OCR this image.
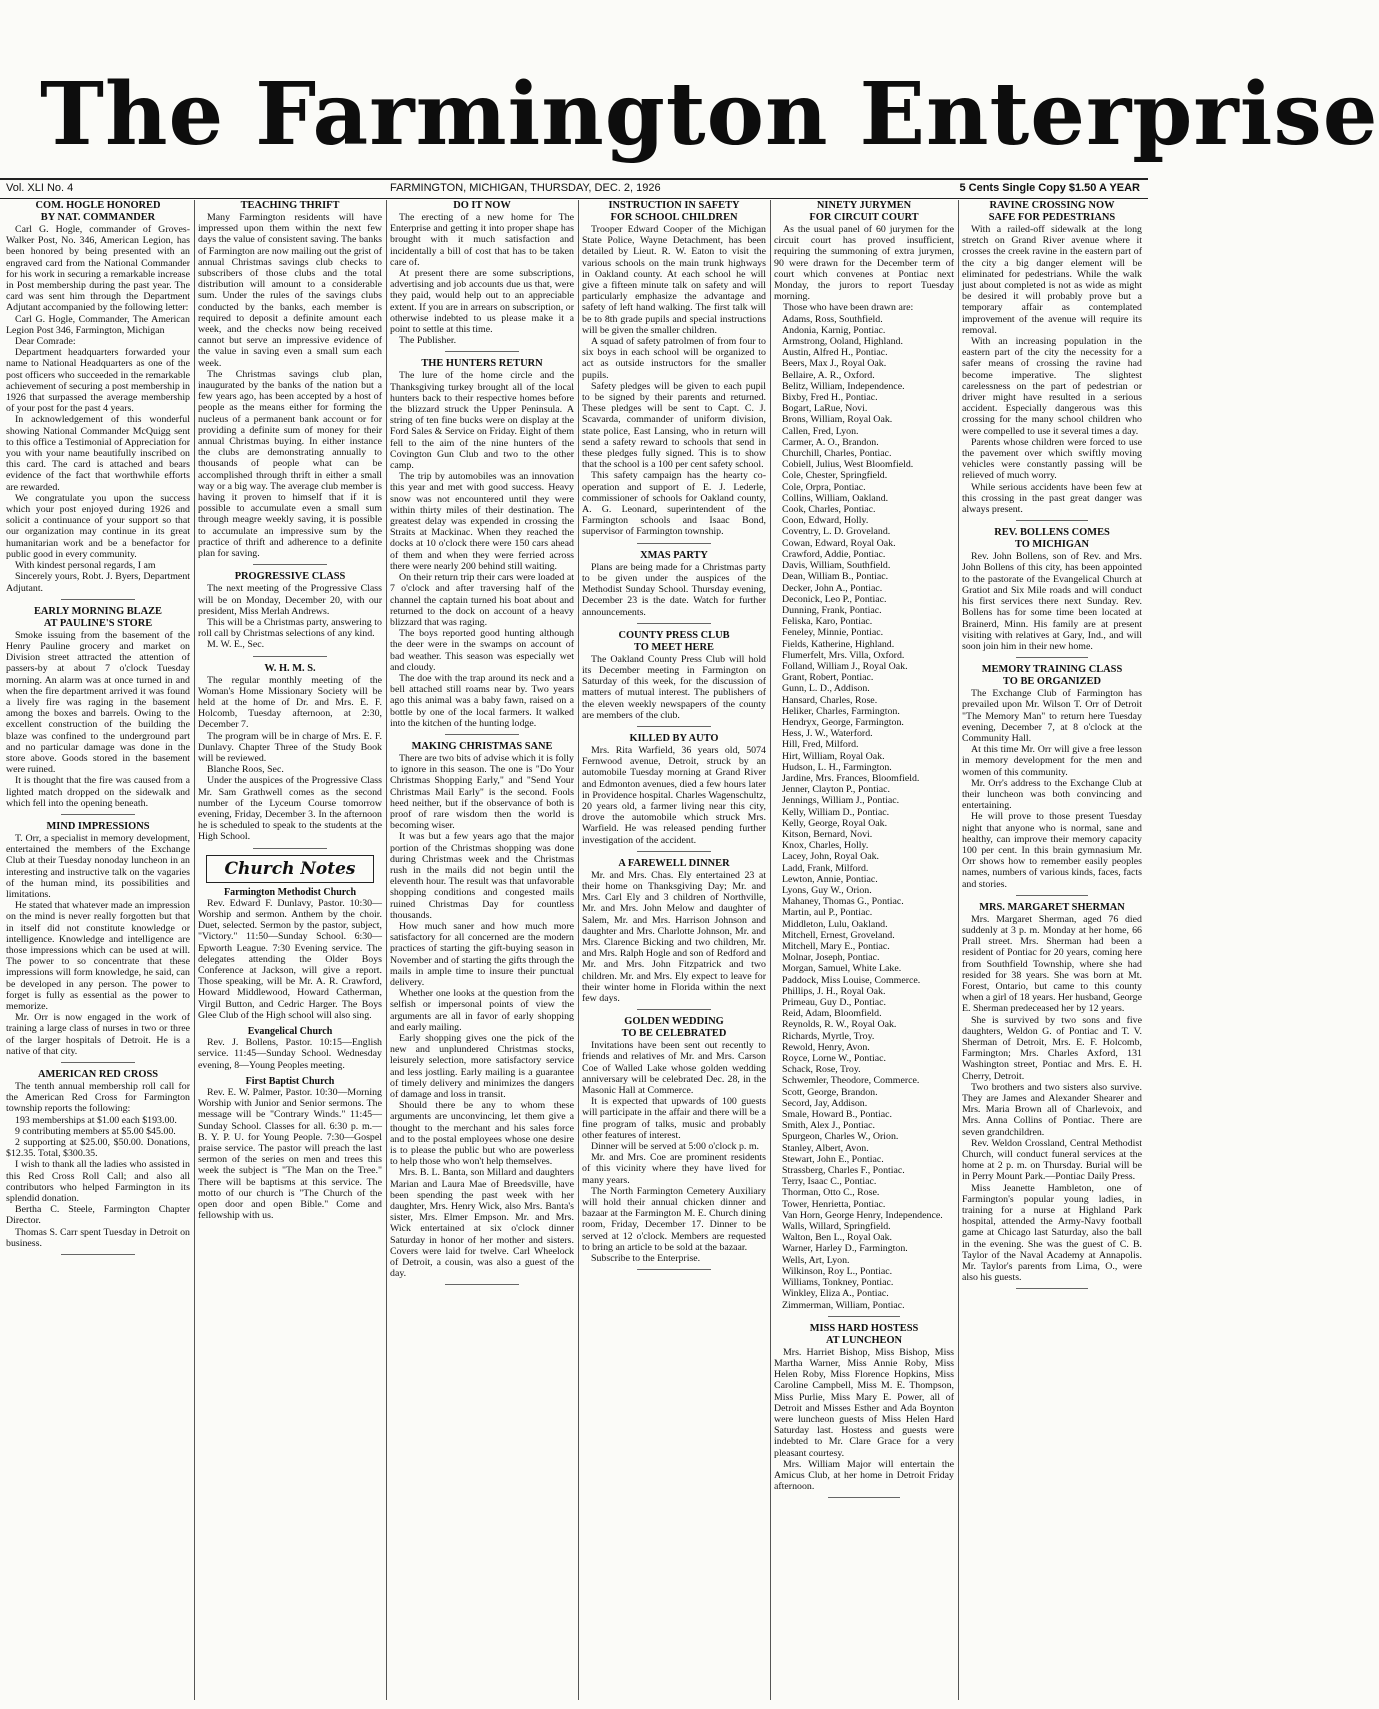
The Farmington Enterprise
Vol. XLI No. 4	FARMINGTON, MICHIGAN, THURSDAY, DEC. 2, 1926	5 Cents Single Copy $1.50 A YEAR
COM. HOGLE HONORED
BY NAT. COMMANDER

Carl G. Hogle, commander of Groves-Walker Post, No. 346, American Legion, has been honored by being presented with an engraved card from the National Commander for his work in securing a remarkable increase in Post membership during the past year. The card was sent him through the Department Adjutant accompanied by the following letter:

Carl G. Hogle, Commander, The American Legion Post 346, Farmington, Michigan

Dear Comrade:

Department headquarters forwarded your name to National Headquarters as one of the post officers who succeeded in the remarkable achievement of securing a post membership in 1926 that surpassed the average membership of your post for the past 4 years.

In acknowledgement of this wonderful showing National Commander McQuigg sent to this office a Testimonial of Appreciation for you with your name beautifully inscribed on this card. The card is attached and bears evidence of the fact that worthwhile efforts are rewarded.

We congratulate you upon the success which your post enjoyed during 1926 and solicit a continuance of your support so that our organization may continue in its great humanitarian work and be a benefactor for public good in every community.

With kindest personal regards, I am

Sincerely yours, Robt. J. Byers, Department Adjutant.

EARLY MORNING BLAZE
AT PAULINE'S STORE

Smoke issuing from the basement of the Henry Pauline grocery and market on Division street attracted the attention of passers-by at about 7 o'clock Tuesday morning. An alarm was at once turned in and when the fire department arrived it was found a lively fire was raging in the basement among the boxes and barrels. Owing to the excellent construction of the building the blaze was confined to the underground part and no particular damage was done in the store above. Goods stored in the basement were ruined.

It is thought that the fire was caused from a lighted match dropped on the sidewalk and which fell into the opening beneath.

MIND IMPRESSIONS

T. Orr, a specialist in memory development, entertained the members of the Exchange Club at their Tuesday nonoday luncheon in an interesting and instructive talk on the vagaries of the human mind, its possibilities and limitations.

He stated that whatever made an impression on the mind is never really forgotten but that in itself did not constitute knowledge or intelligence. Knowledge and intelligence are those impressions which can be used at will. The power to so concentrate that these impressions will form knowledge, he said, can be developed in any person. The power to forget is fully as essential as the power to memorize.

Mr. Orr is now engaged in the work of training a large class of nurses in two or three of the larger hospitals of Detroit. He is a native of that city.

AMERICAN RED CROSS

The tenth annual membership roll call for the American Red Cross for Farmington township reports the following:

193 memberships at $1.00 each $193.00.

9 contributing members at $5.00 $45.00.

2 supporting at $25.00, $50.00. Donations, $12.35. Total, $300.35.

I wish to thank all the ladies who assisted in this Red Cross Roll Call; and also all contributors who helped Farmington in its splendid donation.

Bertha C. Steele, Farmington Chapter Director.

Thomas S. Carr spent Tuesday in Detroit on business.

TEACHING THRIFT

Many Farmington residents will have impressed upon them within the next few days the value of consistent saving. The banks of Farmington are now mailing out the grist of annual Christmas savings club checks to subscribers of those clubs and the total distribution will amount to a considerable sum. Under the rules of the savings clubs conducted by the banks, each member is required to deposit a definite amount each week, and the checks now being received cannot but serve an impressive evidence of the value in saving even a small sum each week.

The Christmas savings club plan, inaugurated by the banks of the nation but a few years ago, has been accepted by a host of people as the means either for forming the nucleus of a permanent bank account or for providing a definite sum of money for their annual Christmas buying. In either instance the clubs are demonstrating annually to thousands of people what can be accomplished through thrift in either a small way or a big way. The average club member is having it proven to himself that if it is possible to accumulate even a small sum through meagre weekly saving, it is possible to accumulate an impressive sum by the practice of thrift and adherence to a definite plan for saving.

PROGRESSIVE CLASS

The next meeting of the Progressive Class will be on Monday, December 20, with our president, Miss Merlah Andrews.

This will be a Christmas party, answering to roll call by Christmas selections of any kind.

M. W. E., Sec.

W. H. M. S.

The regular monthly meeting of the Woman's Home Missionary Society will be held at the home of Dr. and Mrs. E. F. Holcomb, Tuesday afternoon, at 2:30, December 7.

The program will be in charge of Mrs. E. F. Dunlavy. Chapter Three of the Study Book will be reviewed.

Blanche Roos, Sec.

Under the auspices of the Progressive Class Mr. Sam Grathwell comes as the second number of the Lyceum Course tomorrow evening, Friday, December 3. In the afternoon he is scheduled to speak to the students at the High School.

Church Notes
Farmington Methodist Church

Rev. Edward F. Dunlavy, Pastor. 10:30—Worship and sermon. Anthem by the choir. Duet, selected. Sermon by the pastor, subject, "Victory." 11:50—Sunday School. 6:30—Epworth League. 7:30 Evening service. The delegates attending the Older Boys Conference at Jackson, will give a report. Those speaking, will be Mr. A. R. Crawford, Howard Middlewood, Howard Catherman, Virgil Button, and Cedric Harger. The Boys Glee Club of the High school will also sing.

Evangelical Church

Rev. J. Bollens, Pastor. 10:15—English service. 11:45—Sunday School. Wednesday evening, 8—Young Peoples meeting.

First Baptist Church

Rev. E. W. Palmer, Pastor. 10:30—Morning Worship with Junior and Senior sermons. The message will be "Contrary Winds." 11:45—Sunday School. Classes for all. 6:30 p. m.—B. Y. P. U. for Young People. 7:30—Gospel praise service. The pastor will preach the last sermon of the series on men and trees this week the subject is "The Man on the Tree." There will be baptisms at this service. The motto of our church is "The Church of the open door and open Bible." Come and fellowship with us.

DO IT NOW

The erecting of a new home for The Enterprise and getting it into proper shape has brought with it much satisfaction and incidentally a bill of cost that has to be taken care of.

At present there are some subscriptions, advertising and job accounts due us that, were they paid, would help out to an appreciable extent. If you are in arrears on subscription, or otherwise indebted to us please make it a point to settle at this time.

The Publisher.

THE HUNTERS RETURN

The lure of the home circle and the Thanksgiving turkey brought all of the local hunters back to their respective homes before the blizzard struck the Upper Peninsula. A string of ten fine bucks were on display at the Ford Sales & Service on Friday. Eight of them fell to the aim of the nine hunters of the Covington Gun Club and two to the other camp.

The trip by automobiles was an innovation this year and met with good success. Heavy snow was not encountered until they were within thirty miles of their destination. The greatest delay was expended in crossing the Straits at Mackinac. When they reached the docks at 10 o'clock there were 150 cars ahead of them and when they were ferried across there were nearly 200 behind still waiting.

On their return trip their cars were loaded at 7 o'clock and after traversing half of the channel the captain turned his boat about and returned to the dock on account of a heavy blizzard that was raging.

The boys reported good hunting although the deer were in the swamps on account of bad weather. This season was especially wet and cloudy.

The doe with the trap around its neck and a bell attached still roams near by. Two years ago this animal was a baby fawn, raised on a bottle by one of the local farmers. It walked into the kitchen of the hunting lodge.

MAKING CHRISTMAS SANE

There are two bits of advise which it is folly to ignore in this season. The one is "Do Your Christmas Shopping Early," and "Send Your Christmas Mail Early" is the second. Fools heed neither, but if the observance of both is proof of rare wisdom then the world is becoming wiser.

It was but a few years ago that the major portion of the Christmas shopping was done during Christmas week and the Christmas rush in the mails did not begin until the eleventh hour. The result was that unfavorable shopping conditions and congested mails ruined Christmas Day for countless thousands.

How much saner and how much more satisfactory for all concerned are the modern practices of starting the gift-buying season in November and of starting the gifts through the mails in ample time to insure their punctual delivery.

Whether one looks at the question from the selfish or impersonal points of view the arguments are all in favor of early shopping and early mailing.

Early shopping gives one the pick of the new and unplundered Christmas stocks, leisurely selection, more satisfactory service and less jostling. Early mailing is a guarantee of timely delivery and minimizes the dangers of damage and loss in transit.

Should there be any to whom these arguments are unconvincing, let them give a thought to the merchant and his sales force and to the postal employees whose one desire is to please the public but who are powerless to help those who won't help themselves.

Mrs. B. L. Banta, son Millard and daughters Marian and Laura Mae of Breedsville, have been spending the past week with her daughter, Mrs. Henry Wick, also Mrs. Banta's sister, Mrs. Elmer Empson. Mr. and Mrs. Wick entertained at six o'clock dinner Saturday in honor of her mother and sisters. Covers were laid for twelve. Carl Wheelock of Detroit, a cousin, was also a guest of the day.

INSTRUCTION IN SAFETY
FOR SCHOOL CHILDREN

Trooper Edward Cooper of the Michigan State Police, Wayne Detachment, has been detailed by Lieut. R. W. Eaton to visit the various schools on the main trunk highways in Oakland county. At each school he will give a fifteen minute talk on safety and will particularly emphasize the advantage and safety of left hand walking. The first talk will be to 8th grade pupils and special instructions will be given the smaller children.

A squad of safety patrolmen of from four to six boys in each school will be organized to act as outside instructors for the smaller pupils.

Safety pledges will be given to each pupil to be signed by their parents and returned. These pledges will be sent to Capt. C. J. Scavarda, commander of uniform division, state police, East Lansing, who in return will send a safety reward to schools that send in these pledges fully signed. This is to show that the school is a 100 per cent safety school.

This safety campaign has the hearty co-operation and support of E. J. Lederle, commissioner of schools for Oakland county, A. G. Leonard, superintendent of the Farmington schools and Isaac Bond, supervisor of Farmington township.

XMAS PARTY

Plans are being made for a Christmas party to be given under the auspices of the Methodist Sunday School. Thursday evening, December 23 is the date. Watch for further announcements.

COUNTY PRESS CLUB
TO MEET HERE

The Oakland County Press Club will hold its December meeting in Farmington on Saturday of this week, for the discussion of matters of mutual interest. The publishers of the eleven weekly newspapers of the county are members of the club.

KILLED BY AUTO

Mrs. Rita Warfield, 36 years old, 5074 Fernwood avenue, Detroit, struck by an automobile Tuesday morning at Grand River and Edmonton avenues, died a few hours later in Providence hospital. Charles Wagenschultz, 20 years old, a farmer living near this city, drove the automobile which struck Mrs. Warfield. He was released pending further investigation of the accident.

A FAREWELL DINNER

Mr. and Mrs. Chas. Ely entertained 23 at their home on Thanksgiving Day; Mr. and Mrs. Carl Ely and 3 children of Northville, Mr. and Mrs. John Melow and daughter of Salem, Mr. and Mrs. Harrison Johnson and daughter and Mrs. Charlotte Johnson, Mr. and Mrs. Clarence Bicking and two children, Mr. and Mrs. Ralph Hogle and son of Redford and Mr. and Mrs. John Fitzpatrick and two children. Mr. and Mrs. Ely expect to leave for their winter home in Florida within the next few days.

GOLDEN WEDDING
TO BE CELEBRATED

Invitations have been sent out recently to friends and relatives of Mr. and Mrs. Carson Coe of Walled Lake whose golden wedding anniversary will be celebrated Dec. 28, in the Masonic Hall at Commerce.

It is expected that upwards of 100 guests will participate in the affair and there will be a fine program of talks, music and probably other features of interest.

Dinner will be served at 5:00 o'clock p. m.

Mr. and Mrs. Coe are prominent residents of this vicinity where they have lived for many years.

The North Farmington Cemetery Auxiliary will hold their annual chicken dinner and bazaar at the Farmington M. E. Church dining room, Friday, December 17. Dinner to be served at 12 o'clock. Members are requested to bring an article to be sold at the bazaar.

Subscribe to the Enterprise.

NINETY JURYMEN
FOR CIRCUIT COURT

As the usual panel of 60 jurymen for the circuit court has proved insufficient, requiring the summoning of extra jurymen, 90 were drawn for the December term of court which convenes at Pontiac next Monday, the jurors to report Tuesday morning.

Those who have been drawn are:

Adams, Ross, Southfield.

Andonia, Karnig, Pontiac.

Armstrong, Ooland, Highland.

Austin, Alfred H., Pontiac.

Beers, Max J., Royal Oak.

Bellaire, A. R., Oxford.

Belitz, William, Independence.

Bixby, Fred H., Pontiac.

Bogart, LaRue, Novi.

Brons, William, Royal Oak.

Callen, Fred, Lyon.

Carmer, A. O., Brandon.

Churchill, Charles, Pontiac.

Cobiell, Julius, West Bloomfield.

Cole, Chester, Springfield.

Cole, Orpra, Pontiac.

Collins, William, Oakland.

Cook, Charles, Pontiac.

Coon, Edward, Holly.

Coventry, L. D. Groveland.

Cowan, Edward, Royal Oak.

Crawford, Addie, Pontiac.

Davis, William, Southfield.

Dean, William B., Pontiac.

Decker, John A., Pontiac.

Deconick, Leo P., Pontiac.

Dunning, Frank, Pontiac.

Feliska, Karo, Pontiac.

Feneley, Minnie, Pontiac.

Fields, Katherine, Highland.

Flumerfelt, Mrs. Villa, Oxford.

Folland, William J., Royal Oak.

Grant, Robert, Pontiac.

Gunn, L. D., Addison.

Hansard, Charles, Rose.

Heliker, Charles, Farmington.

Hendryx, George, Farmington.

Hess, J. W., Waterford.

Hill, Fred, Milford.

Hirt, William, Royal Oak.

Hudson, L. H., Farmington.

Jardine, Mrs. Frances, Bloomfield.

Jenner, Clayton P., Pontiac.

Jennings, William J., Pontiac.

Kelly, William D., Pontiac.

Kelly, George, Royal Oak.

Kitson, Bernard, Novi.

Knox, Charles, Holly.

Lacey, John, Royal Oak.

Ladd, Frank, Milford.

Lewton, Annie, Pontiac.

Lyons, Guy W., Orion.

Mahaney, Thomas G., Pontiac.

Martin, aul P., Pontiac.

Middleton, Lulu, Oakland.

Mitchell, Ernest, Groveland.

Mitchell, Mary E., Pontiac.

Molnar, Joseph, Pontiac.

Morgan, Samuel, White Lake.

Paddock, Miss Louise, Commerce.

Phillips, J. H., Royal Oak.

Primeau, Guy D., Pontiac.

Reid, Adam, Bloomfield.

Reynolds, R. W., Royal Oak.

Richards, Myrtle, Troy.

Rewold, Henry, Avon.

Royce, Lorne W., Pontiac.

Schack, Rose, Troy.

Schwemler, Theodore, Commerce.

Scott, George, Brandon.

Secord, Jay, Addison.

Smale, Howard B., Pontiac.

Smith, Alex J., Pontiac.

Spurgeon, Charles W., Orion.

Stanley, Albert, Avon.

Stewart, John E., Pontiac.

Strassberg, Charles F., Pontiac.

Terry, Isaac C., Pontiac.

Thorman, Otto C., Rose.

Tower, Henrietta, Pontiac.

Van Horn, George Henry, Independence.

Walls, Willard, Springfield.

Walton, Ben L., Royal Oak.

Warner, Harley D., Farmington.

Wells, Art, Lyon.

Wilkinson, Roy L., Pontiac.

Williams, Tonkney, Pontiac.

Winkley, Eliza A., Pontiac.

Zimmerman, William, Pontiac.

MISS HARD HOSTESS
AT LUNCHEON

Mrs. Harriet Bishop, Miss Bishop, Miss Martha Warner, Miss Annie Roby, Miss Helen Roby, Miss Florence Hopkins, Miss Caroline Campbell, Miss M. E. Thompson, Miss Purlie, Miss Mary E. Power, all of Detroit and Misses Esther and Ada Boynton were luncheon guests of Miss Helen Hard Saturday last. Hostess and guests were indebted to Mr. Clare Grace for a very pleasant courtesy.

Mrs. William Major will entertain the Amicus Club, at her home in Detroit Friday afternoon.

RAVINE CROSSING NOW
SAFE FOR PEDESTRIANS

With a railed-off sidewalk at the long stretch on Grand River avenue where it crosses the creek ravine in the eastern part of the city a big danger element will be eliminated for pedestrians. While the walk just about completed is not as wide as might be desired it will probably prove but a temporary affair as contemplated improvement of the avenue will require its removal.

With an increasing population in the eastern part of the city the necessity for a safer means of crossing the ravine had become imperative. The slightest carelessness on the part of pedestrian or driver might have resulted in a serious accident. Especially dangerous was this crossing for the many school children who were compelled to use it several times a day.

Parents whose children were forced to use the pavement over which swiftly moving vehicles were constantly passing will be relieved of much worry.

While serious accidents have been few at this crossing in the past great danger was always present.

REV. BOLLENS COMES
TO MICHIGAN

Rev. John Bollens, son of Rev. and Mrs. John Bollens of this city, has been appointed to the pastorate of the Evangelical Church at Gratiot and Six Mile roads and will conduct his first services there next Sunday. Rev. Bollens has for some time been located at Brainerd, Minn. His family are at present visiting with relatives at Gary, Ind., and will soon join him in their new home.

MEMORY TRAINING CLASS
TO BE ORGANIZED

The Exchange Club of Farmington has prevailed upon Mr. Wilson T. Orr of Detroit "The Memory Man" to return here Tuesday evening, December 7, at 8 o'clock at the Community Hall.

At this time Mr. Orr will give a free lesson in memory development for the men and women of this community.

Mr. Orr's address to the Exchange Club at their luncheon was both convincing and entertaining.

He will prove to those present Tuesday night that anyone who is normal, sane and healthy, can improve their memory capacity 100 per cent. In this brain gymnasium Mr. Orr shows how to remember easily peoples names, numbers of various kinds, faces, facts and stories.

MRS. MARGARET SHERMAN

Mrs. Margaret Sherman, aged 76 died suddenly at 3 p. m. Monday at her home, 66 Prall street. Mrs. Sherman had been a resident of Pontiac for 20 years, coming here from Southfield Township, where she had resided for 38 years. She was born at Mt. Forest, Ontario, but came to this county when a girl of 18 years. Her husband, George E. Sherman predeceased her by 12 years.

She is survived by two sons and five daughters, Weldon G. of Pontiac and T. V. Sherman of Detroit, Mrs. E. F. Holcomb, Farmington; Mrs. Charles Axford, 131 Washington street, Pontiac and Mrs. E. H. Cherry, Detroit.

Two brothers and two sisters also survive. They are James and Alexander Shearer and Mrs. Maria Brown all of Charlevoix, and Mrs. Anna Collins of Pontiac. There are seven grandchildren.

Rev. Weldon Crossland, Central Methodist Church, will conduct funeral services at the home at 2 p. m. on Thursday. Burial will be in Perry Mount Park.—Pontiac Daily Press.

Miss Jeanette Hambleton, one of Farmington's popular young ladies, in training for a nurse at Highland Park hospital, attended the Army-Navy football game at Chicago last Saturday, also the ball in the evening. She was the guest of C. B. Taylor of the Naval Academy at Annapolis. Mr. Taylor's parents from Lima, O., were also his guests.
